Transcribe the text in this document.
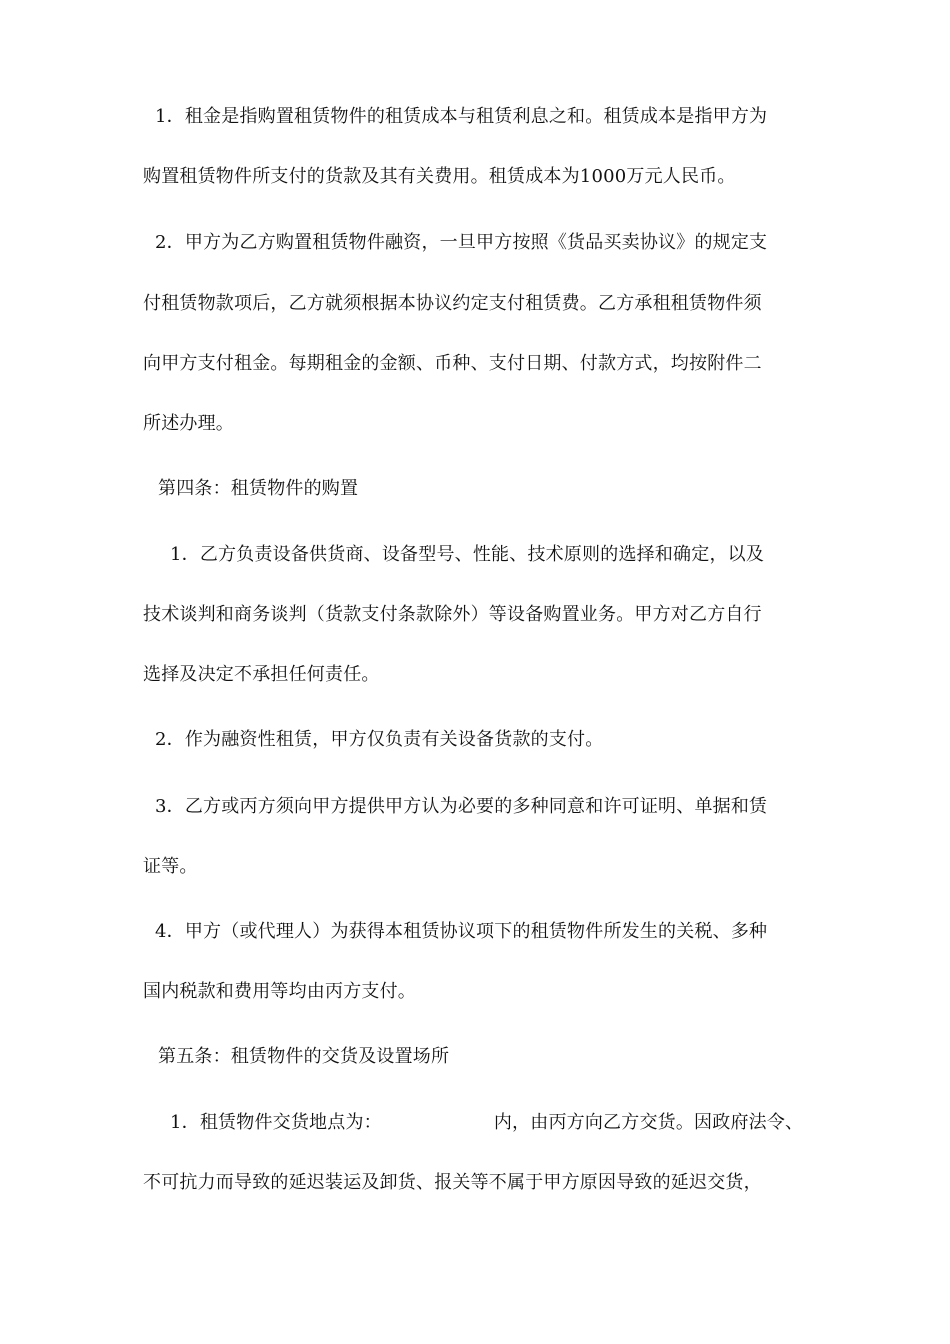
1．租金是指购置租赁物件的租赁成本与租赁利息之和。租赁成本是指甲方为
购置租赁物件所支付的货款及其有关费用。租赁成本为1000万元人民币。
2．甲方为乙方购置租赁物件融资，一旦甲方按照《货品买卖协议》的规定支
付租赁物款项后，乙方就须根据本协议约定支付租赁费。乙方承租租赁物件须
向甲方支付租金。每期租金的金额、币种、支付日期、付款方式，均按附件二
所述办理。
第四条：租赁物件的购置
1．乙方负责设备供货商、设备型号、性能、技术原则的选择和确定，以及
技术谈判和商务谈判（货款支付条款除外）等设备购置业务。甲方对乙方自行
选择及决定不承担任何责任。
2．作为融资性租赁，甲方仅负责有关设备货款的支付。
3．乙方或丙方须向甲方提供甲方认为必要的多种同意和许可证明、单据和赁
证等。
4．甲方（或代理人）为获得本租赁协议项下的租赁物件所发生的关税、多种
国内税款和费用等均由丙方支付。
第五条：租赁物件的交货及设置场所
1．租赁物件交货地点为：	内，由丙方向乙方交货。因政府法令、
不可抗力而导致的延迟装运及卸货、报关等不属于甲方原因导致的延迟交货，
